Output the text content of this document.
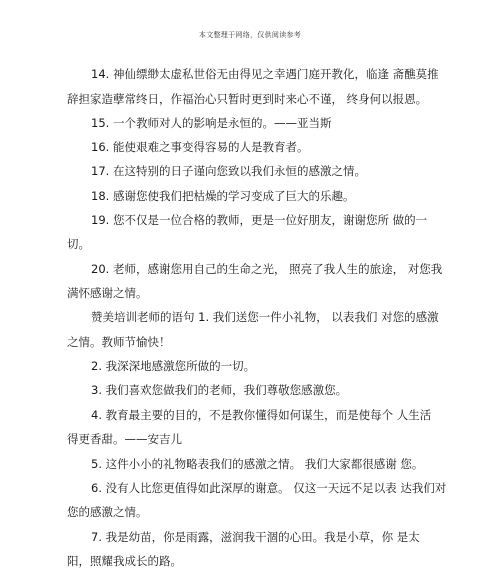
本文整理于网络，仅供阅读参考
14. 神仙缥缈太虚私世俗无由得见之幸遇门庭开教化，临逢 斋醮莫推
辞担家造孽常终日，作福治心只暂时更到时来心不谨， 终身何以报恩。
15. 一个教师对人的影响是永恒的。——亚当斯
16. 能使艰难之事变得容易的人是教育者。
17. 在这特别的日子谨向您致以我们永恒的感激之情。
18. 感谢您使我们把枯燥的学习变成了巨大的乐趣。
19. 您不仅是一位合格的教师，更是一位好朋友，谢谢您所 做的一
切。
20. 老师，感谢您用自己的生命之光， 照亮了我人生的旅途， 对您我
满怀感谢之情。
赞美培训老师的语句 1. 我们送您一件小礼物， 以表我们 对您的感激
之情。教师节愉快！
2. 我深深地感激您所做的一切。
3. 我们喜欢您做我们的老师，我们尊敬您感激您。
4. 教育最主要的目的，不是教你懂得如何谋生，而是使每个 人生活
得更香甜。——安吉儿
5. 这件小小的礼物略表我们的感激之情。 我们大家都很感谢 您。
6. 没有人比您更值得如此深厚的谢意。 仅这一天远不足以表 达我们对
您的感激之情。
7. 我是幼苗，你是雨露，滋润我干涸的心田。我是小草，你 是太
阳，照耀我成长的路。
